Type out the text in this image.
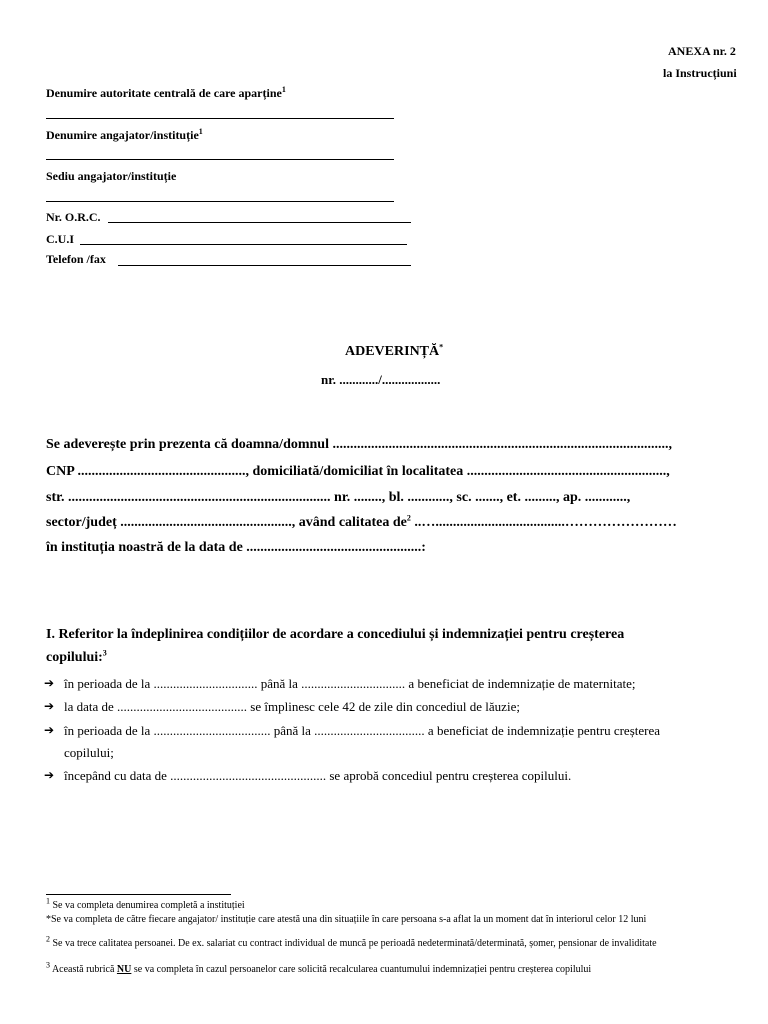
ANEXA nr. 2
la Instrucțiuni
Denumire autoritate centrală de care aparține$^1$
Denumire angajator/instituție$^1$
Sediu angajator/instituție
Nr. O.R.C.
C.U.I
Telefon /fax
ADEVERINȚĂ*
nr. ............/..................
Se adeverește prin prezenta că doamna/domnul ................................................................................................,
CNP ................................................, domiciliată/domiciliat în localitatea .........................................................,
str. ........................................................................... nr. ........, bl. ............, sc. ......., et. ........., ap. ............,
sector/județ ................................................., având calitatea $de^2$ ..….....................................……………………
în instituția noastră de la data de ..................................................:
I. Referitor la îndeplinirea condițiilor de acordare a concediului și indemnizației pentru creșterea
copilului:$^3$
➔ în perioada de la ................................ până la ................................ a beneficiat de indemnizație de maternitate;
➔ la data de ........................................ se împlinesc cele 42 de zile din concediul de lăuzie;
➔ în perioada de la .................................... până la .................................. a beneficiat de indemnizație pentru creșterea
copilului;
➔ începând cu data de ................................................ se aprobă concediul pentru creșterea copilului.
$^1$ Se va completa denumirea completă a instituției
*Se va completa de către fiecare angajator/ instituție care atestă una din situațiile în care persoana s-a aflat la un moment dat în interiorul celor 12 luni
$^2$ Se va trece calitatea persoanei. De ex. salariat cu contract individual de muncă pe perioadă nedeterminată/determinată, șomer, pensionar de invaliditate
$^3$ Această rubrică NU se va completa în cazul persoanelor care solicită recalcularea cuantumului indemnizației pentru creșterea copilului
